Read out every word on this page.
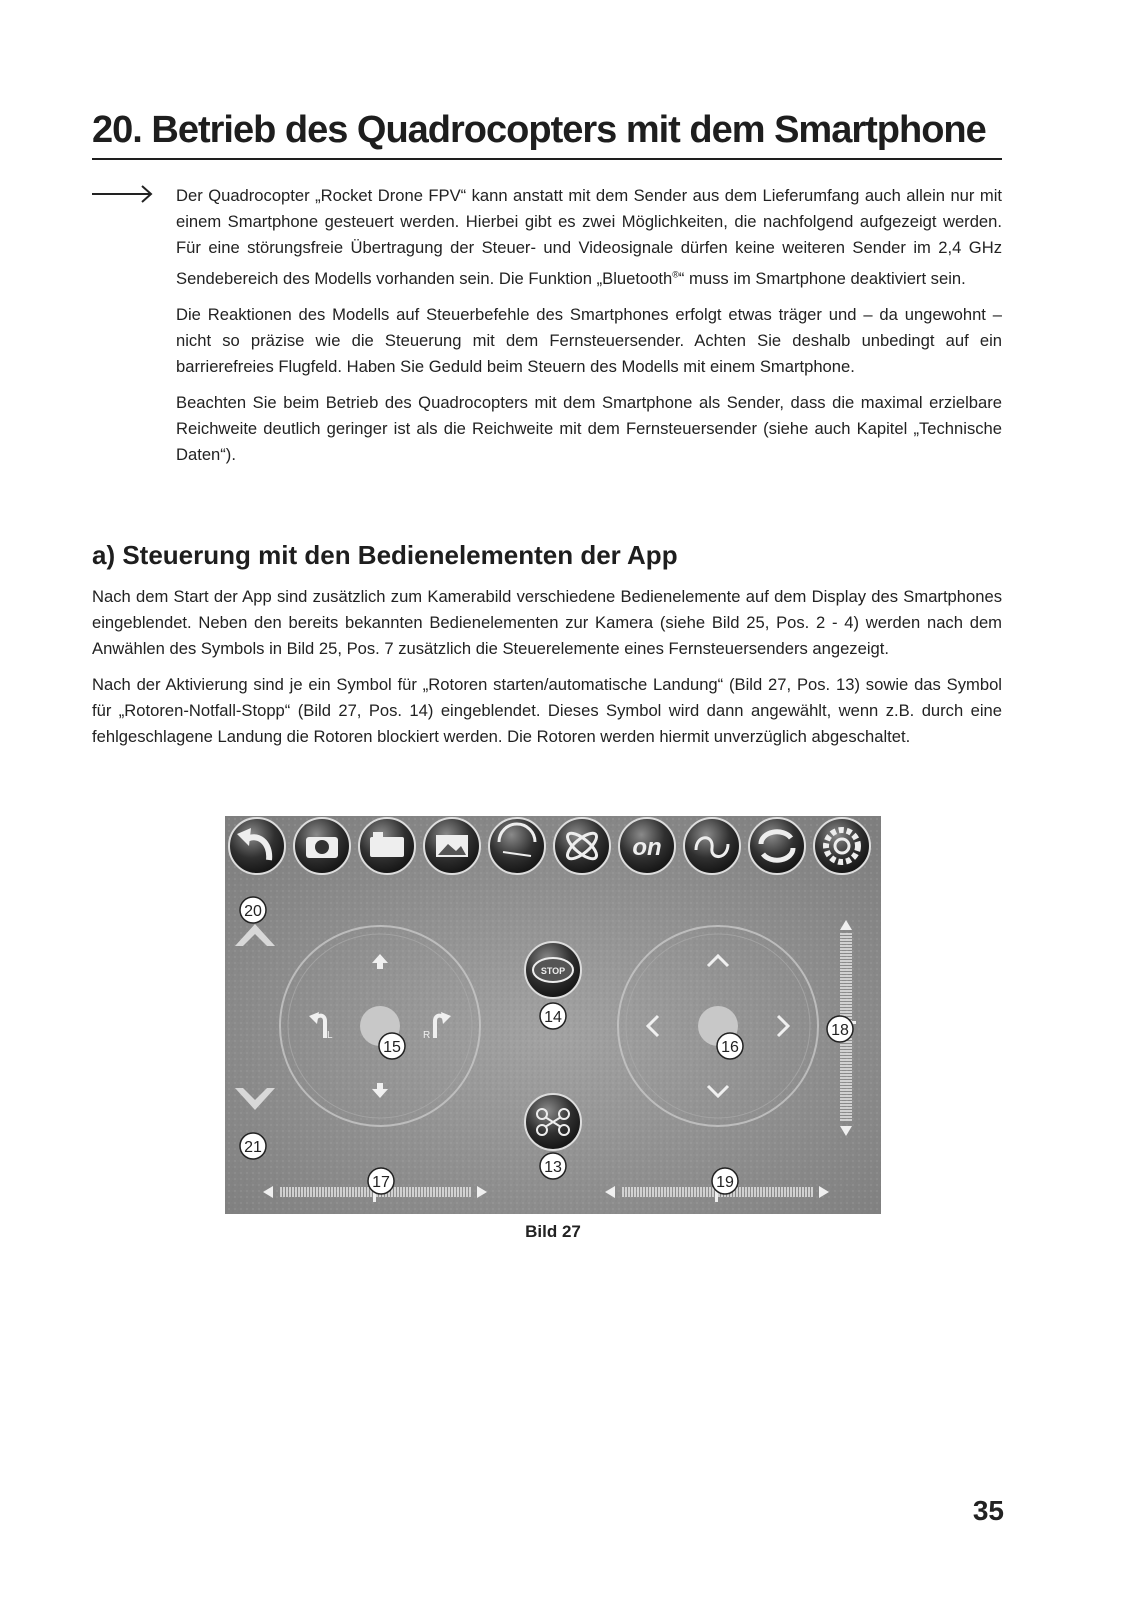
20. Betrieb des Quadrocopters mit dem Smartphone

Der Quadrocopter „Rocket Drone FPV“ kann anstatt mit dem Sender aus dem Lieferumfang auch allein nur mit einem Smartphone gesteuert werden. Hierbei gibt es zwei Möglichkeiten, die nachfolgend aufgezeigt werden. Für eine störungsfreie Übertragung der Steuer- und Videosignale dürfen keine weiteren Sender im 2,4 GHz Sendebereich des Modells vorhanden sein. Die Funktion „Bluetooth®“ muss im Smartphone deaktiviert sein.

Die Reaktionen des Modells auf Steuerbefehle des Smartphones erfolgt etwas träger und – da ungewohnt – nicht so präzise wie die Steuerung mit dem Fernsteuersender. Achten Sie deshalb unbedingt auf ein barrierefreies Flugfeld. Haben Sie Geduld beim Steuern des Modells mit einem Smartphone.

Beachten Sie beim Betrieb des Quadrocopters mit dem Smartphone als Sender, dass die maximal erzielbare Reichweite deutlich geringer ist als die Reichweite mit dem Fernsteuersender (siehe auch Kapitel „Technische Daten“).

a) Steuerung mit den Bedienelementen der App

Nach dem Start der App sind zusätzlich zum Kamerabild verschiedene Bedienelemente auf dem Display des Smartphones eingeblendet. Neben den bereits bekannten Bedienelementen zur Kamera (siehe Bild 25, Pos. 2 - 4) werden nach dem Anwählen des Symbols in Bild 25, Pos. 7 zusätzlich die Steuerelemente eines Fernsteuersenders angezeigt.

Nach der Aktivierung sind je ein Symbol für „Rotoren starten/automatische Landung“ (Bild 27, Pos. 13) sowie das Symbol für „Rotoren-Notfall-Stopp“ (Bild 27, Pos. 14) eingeblendet. Dieses Symbol wird dann angewählt, wenn z.B. durch eine fehlgeschlagene Landung die Rotoren blockiert werden. Die Rotoren werden hiermit unverzüglich abgeschaltet.

on
L	R
STOP
20
21
15
14
13
16
18
17	19
Bild 27
35
